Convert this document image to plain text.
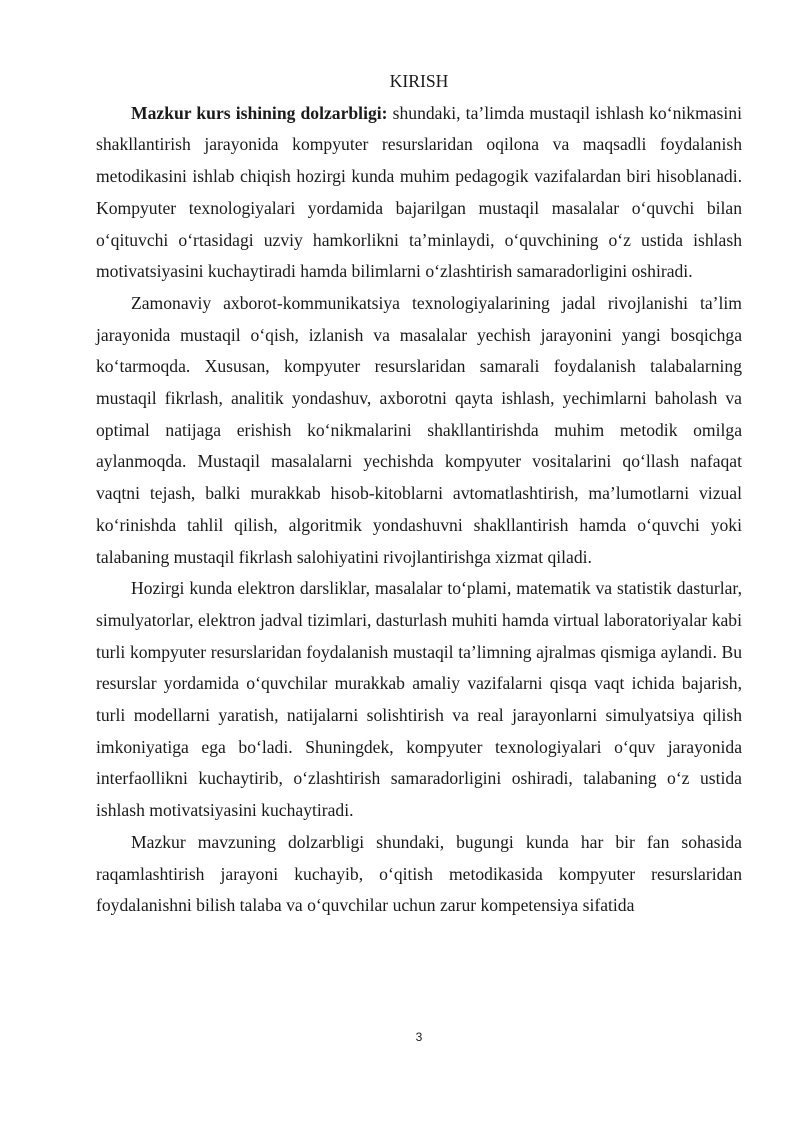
KIRISH

Mazkur kurs ishining dolzarbligi: shundaki, ta’limda mustaqil ishlash ko‘nikmasini shakllantirish jarayonida kompyuter resurslaridan oqilona va maqsadli foydalanish metodikasini ishlab chiqish hozirgi kunda muhim pedagogik vazifalardan biri hisoblanadi. Kompyuter texnologiyalari yordamida bajarilgan mustaqil masalalar o‘quvchi bilan o‘qituvchi o‘rtasidagi uzviy hamkorlikni ta’minlaydi, o‘quvchining o‘z ustida ishlash motivatsiyasini kuchaytiradi hamda bilimlarni o‘zlashtirish samaradorligini oshiradi.

Zamonaviy axborot-kommunikatsiya texnologiyalarining jadal rivojlanishi ta’lim jarayonida mustaqil o‘qish, izlanish va masalalar yechish jarayonini yangi bosqichga ko‘tarmoqda. Xususan, kompyuter resurslaridan samarali foydalanish talabalarning mustaqil fikrlash, analitik yondashuv, axborotni qayta ishlash, yechimlarni baholash va optimal natijaga erishish ko‘nikmalarini shakllantirishda muhim metodik omilga aylanmoqda. Mustaqil masalalarni yechishda kompyuter vositalarini qo‘llash nafaqat vaqtni tejash, balki murakkab hisob-kitoblarni avtomatlashtirish, ma’lumotlarni vizual ko‘rinishda tahlil qilish, algoritmik yondashuvni shakllantirish hamda o‘quvchi yoki talabaning mustaqil fikrlash salohiyatini rivojlantirishga xizmat qiladi.

Hozirgi kunda elektron darsliklar, masalalar to‘plami, matematik va statistik dasturlar, simulyatorlar, elektron jadval tizimlari, dasturlash muhiti hamda virtual laboratoriyalar kabi turli kompyuter resurslaridan foydalanish mustaqil ta’limning ajralmas qismiga aylandi. Bu resurslar yordamida o‘quvchilar murakkab amaliy vazifalarni qisqa vaqt ichida bajarish, turli modellarni yaratish, natijalarni solishtirish va real jarayonlarni simulyatsiya qilish imkoniyatiga ega bo‘ladi. Shuningdek, kompyuter texnologiyalari o‘quv jarayonida interfaollikni kuchaytirib, o‘zlashtirish samaradorligini oshiradi, talabaning o‘z ustida ishlash motivatsiyasini kuchaytiradi.

Mazkur mavzuning dolzarbligi shundaki, bugungi kunda har bir fan sohasida raqamlashtirish jarayoni kuchayib, o‘qitish metodikasida kompyuter resurslaridan foydalanishni bilish talaba va o‘quvchilar uchun zarur kompetensiya sifatida

3
